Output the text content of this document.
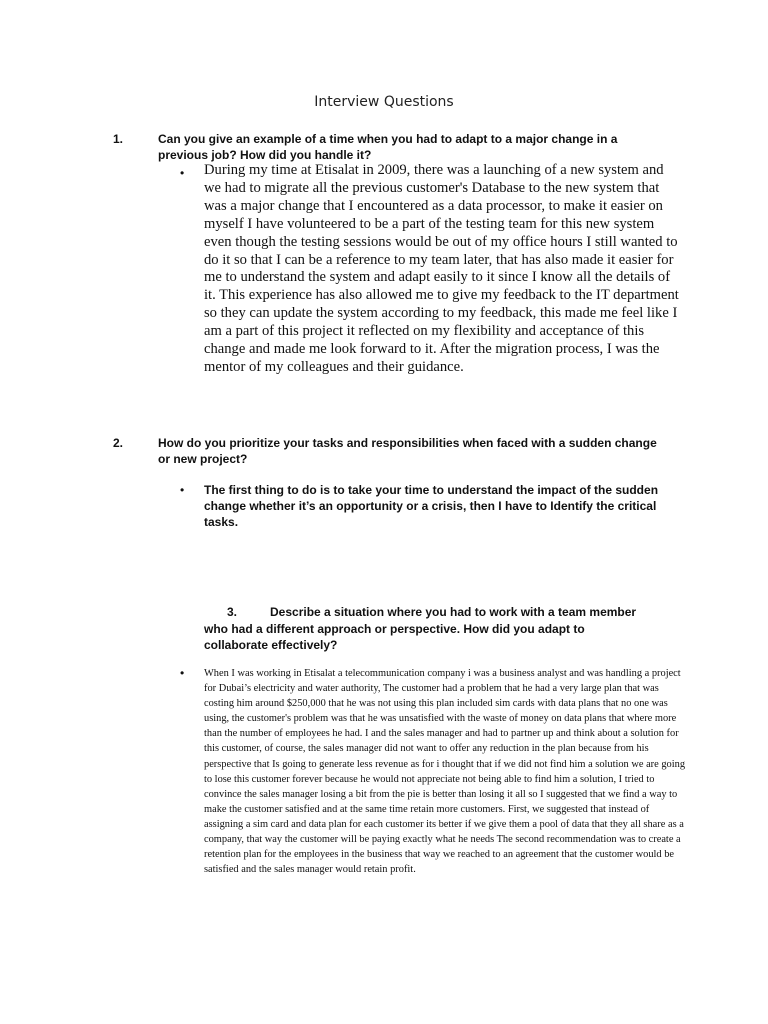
Interview Questions
1.	Can you give an example of a time when you had to adapt to a major change in a previous job? How did you handle it?
• During my time at Etisalat in 2009, there was a launching of a new system and we had to migrate all the previous customer's Database to the new system that was a major change that I encountered as a data processor, to make it easier on myself I have volunteered to be a part of the testing team for this new system even though the testing sessions would be out of my office hours I still wanted to do it so that I can be a reference to my team later, that has also made it easier for me to understand the system and adapt easily to it since I know all the details of it. This experience has also allowed me to give my feedback to the IT department so they can update the system according to my feedback, this made me feel like I am a part of this project it reflected on my flexibility and acceptance of this change and made me look forward to it. After the migration process, I was the mentor of my colleagues and their guidance.
2.	How do you prioritize your tasks and responsibilities when faced with a sudden change or new project?
• The first thing to do is to take your time to understand the impact of the sudden change whether it’s an opportunity or a crisis, then I have to Identify the critical tasks.
3.	Describe a situation where you had to work with a team member
who had a different approach or perspective. How did you adapt to collaborate effectively?
• When I was working in Etisalat a telecommunication company i was a business analyst and was handling a project for Dubai’s electricity and water authority, The customer had a problem that he had a very large plan that was costing him around $250,000 that he was not using this plan included sim cards with data plans that no one was using, the customer's problem was that he was unsatisfied with the waste of money on data plans that where more than the number of employees he had. I and the sales manager and had to partner up and think about a solution for this customer, of course, the sales manager did not want to offer any reduction in the plan because from his perspective that Is going to generate less revenue as for i thought that if we did not find him a solution we are going to lose this customer forever because he would not appreciate not being able to find him a solution, I tried to convince the sales manager losing a bit from the pie is better than losing it all so I suggested that we find a way to make the customer satisfied and at the same time retain more customers. First, we suggested that instead of assigning a sim card and data plan for each customer its better if we give them a pool of data that they all share as a company, that way the customer will be paying exactly what he needs The second recommendation was to create a retention plan for the employees in the business that way we reached to an agreement that the customer would be satisfied and the sales manager would retain profit.
